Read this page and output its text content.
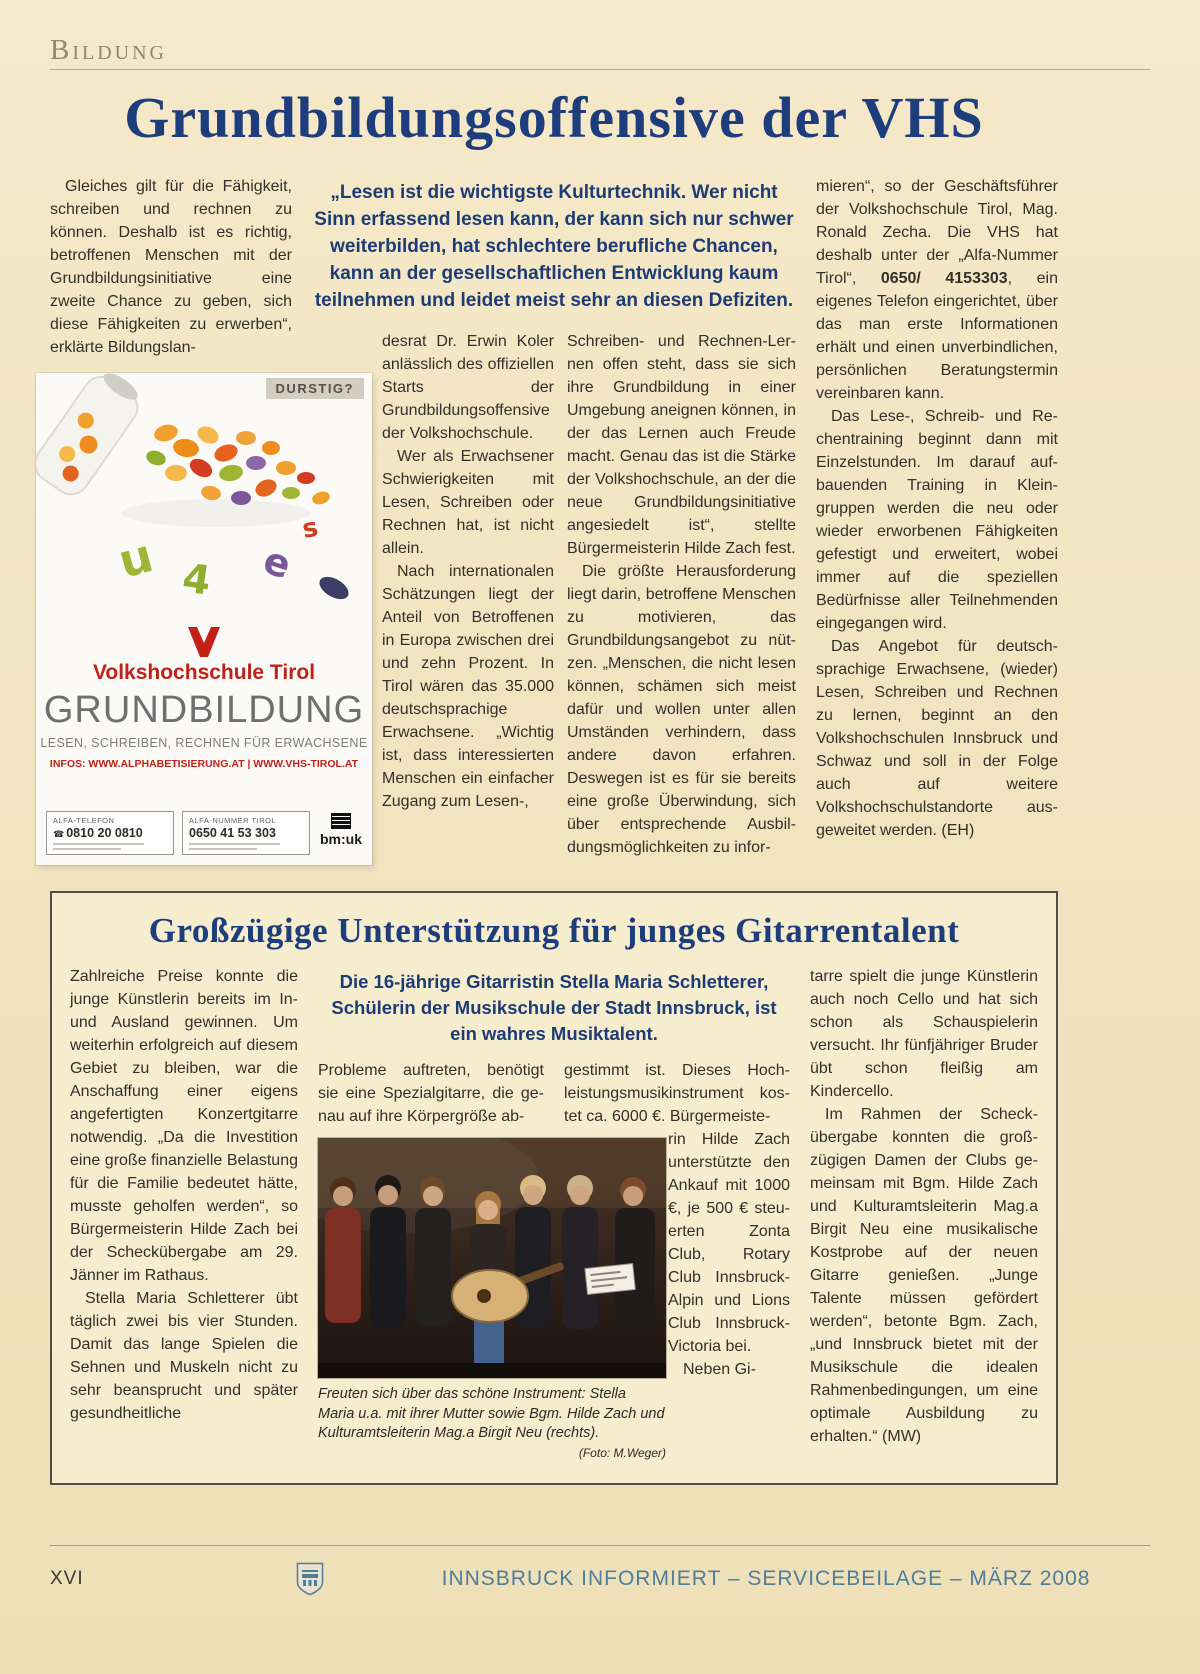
Bildung
Grundbildungsoffensive der VHS

Gleiches gilt für die Fähigkeit, schreiben und rechnen zu können. Deshalb ist es richtig, betroffenen Menschen mit der Grundbildungsinitiative eine zweite Chance zu geben, sich diese Fähigkeiten zu erwerben“, erklärte Bildungslan-

DURSTIG?
u 4 e
s
Volkshochschule Tirol
GRUNDBILDUNG
LESEN, SCHREIBEN, RECHNEN FÜR ERWACHSENE
INFOS: WWW.ALPHABETISIERUNG.AT | WWW.VHS-TIROL.AT
ALFA-TELEFON
☎ 0810 20 0810
ALFA-NUMMER TIROL
0650 41 53 303	bm:uk

„Lesen ist die wichtigste Kulturtechnik. Wer nicht Sinn erfassend lesen kann, der kann sich nur schwer weiterbilden, hat schlechtere berufliche Chancen, kann an der gesellschaftlichen Entwicklung kaum teilnehmen und leidet meist sehr an diesen Defiziten.

desrat Dr. Erwin Koler anlässlich des offiziellen Starts der Grundbildungsoffensive der Volkshochschule.

Wer als Erwachsener Schwierigkeiten mit Lesen, Schreiben oder Rechnen hat, ist nicht allein.

Nach internationalen Schätzungen liegt der Anteil von Betroffenen in Europa zwischen drei und zehn Prozent. In Tirol wären das 35.000 deutschsprachige Erwachsene. „Wichtig ist, dass interessierten Menschen ein einfacher Zugang zum Lesen-,

Schreiben- und Rechnen-Lernen offen steht, dass sie sich ihre Grundbildung in einer Umgebung aneignen können, in der das Lernen auch Freude macht. Genau das ist die Stärke der Volkshochschule, an der die neue Grundbildungsinitiative angesiedelt ist“, stellte Bürgermeisterin Hilde Zach fest.

Die größte Herausforderung liegt darin, betroffene Menschen zu motivieren, das Grundbildungsangebot zu nützen. „Menschen, die nicht lesen können, schämen sich meist dafür und wollen unter allen Umständen verhindern, dass andere davon erfahren. Deswegen ist es für sie bereits eine große Überwindung, sich über entsprechende Ausbildungsmöglichkeiten zu infor-

mieren“, so der Geschäftsführer der Volkshochschule Tirol, Mag. Ronald Zecha. Die VHS hat deshalb unter der „Alfa-Nummer Tirol“, 0650/ 4153303, ein eigenes Telefon eingerichtet, über das man erste Informationen erhält und einen unverbindlichen, persönlichen Beratungstermin vereinbaren kann.

Das Lese-, Schreib- und Rechentraining beginnt dann mit Einzelstunden. Im darauf aufbauenden Training in Kleingruppen werden die neu oder wieder erworbenen Fähigkeiten gefestigt und erweitert, wobei immer auf die speziellen Bedürfnisse aller Teilnehmenden eingegangen wird.

Das Angebot für deutschsprachige Erwachsene, (wieder) Lesen, Schreiben und Rechnen zu lernen, beginnt an den Volkshochschulen Innsbruck und Schwaz und soll in der Folge auch auf weitere Volkshochschulstandorte ausgeweitet werden. (EH)

Großzügige Unterstützung für junges Gitarrentalent

Zahlreiche Preise konnte die junge Künstlerin bereits im In- und Ausland gewinnen. Um weiterhin erfolgreich auf diesem Gebiet zu bleiben, war die Anschaffung einer eigens angefertigten Konzertgitarre notwendig. „Da die Investition eine große finanzielle Belastung für die Familie bedeutet hätte, musste geholfen werden“, so Bürgermeisterin Hilde Zach bei der Scheckübergabe am 29. Jänner im Rathaus.

Stella Maria Schletterer übt täglich zwei bis vier Stunden. Damit das lange Spielen die Sehnen und Muskeln nicht zu sehr beansprucht und später gesundheitliche

Die 16-jährige Gitarristin Stella Maria Schletterer, Schülerin der Musikschule der Stadt Innsbruck, ist ein wahres Musiktalent.

Probleme auftreten, benötigt sie eine Spezialgitarre, die genau auf ihre Körpergröße ab-

Freuten sich über das schöne Instrument: Stella Maria u.a. mit ihrer Mutter sowie Bgm. Hilde Zach und Kulturamtsleiterin Mag.a Birgit Neu (rechts).
(Foto: M.Weger)

gestimmt ist. Dieses Hochleistungsmusikinstrument kostet ca. 6000 €. Bürgermeiste-

rin Hilde Zach unterstützte den Ankauf mit 1000 €, je 500 € steuerten Zonta Club, Rotary Club Innsbruck-Alpin und Lions Club Innsbruck-Victoria bei.

Neben Gi-

tarre spielt die junge Künstlerin auch noch Cello und hat sich schon als Schauspielerin versucht. Ihr fünfjähriger Bruder übt schon fleißig am Kindercello.

Im Rahmen der Scheckübergabe konnten die großzügigen Damen der Clubs gemeinsam mit Bgm. Hilde Zach und Kulturamtsleiterin Mag.a Birgit Neu eine musikalische Kostprobe auf der neuen Gitarre genießen. „Junge Talente müssen gefördert werden“, betonte Bgm. Zach, „und Innsbruck bietet mit der Musikschule die idealen Rahmenbedingungen, um eine optimale Ausbildung zu erhalten.“ (MW)

XVI	INNSBRUCK INFORMIERT – SERVICEBEILAGE – MÄRZ 2008
